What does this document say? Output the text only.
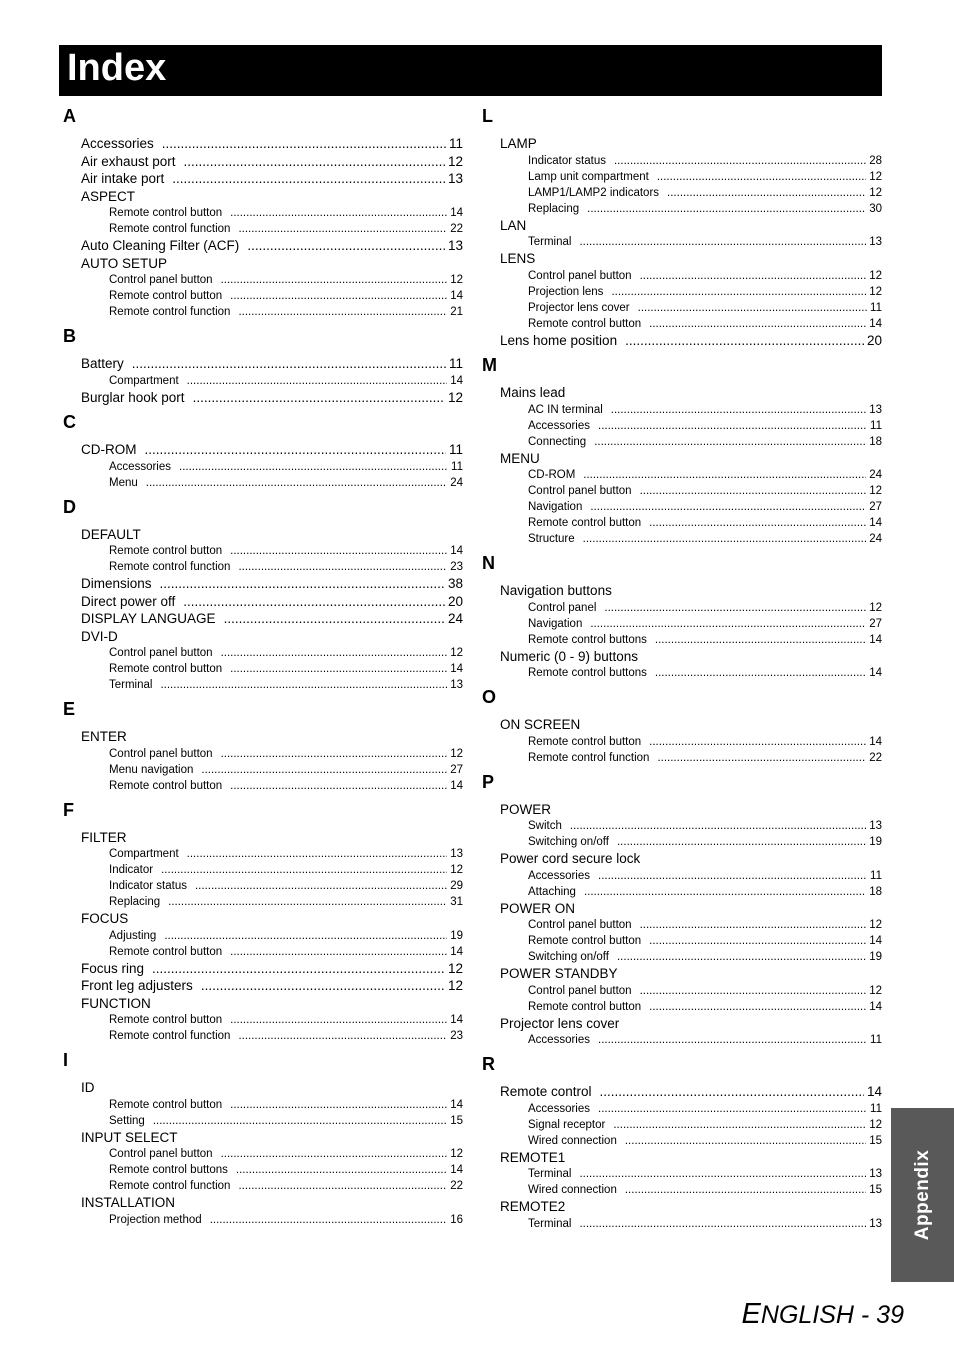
Index
A
Accessories .....	11
Air exhaust port .....	12
Air intake port .....	13
ASPECT
Remote control button .....	14
Remote control function .....	22
Auto Cleaning Filter (ACF) .....	13
AUTO SETUP
Control panel button .....	12
Remote control button .....	14
Remote control function .....	21
B
Battery .....	11
Compartment .....	14
Burglar hook port .....	12
C
CD-ROM .....	11
Accessories .....	11
Menu .....	24
D
DEFAULT
Remote control button .....	14
Remote control function .....	23
Dimensions .....	38
Direct power off .....	20
DISPLAY LANGUAGE .....	24
DVI-D
Control panel button .....	12
Remote control button .....	14
Terminal .....	13
E
ENTER
Control panel button .....	12
Menu navigation .....	27
Remote control button .....	14
F
FILTER
Compartment .....	13
Indicator .....	12
Indicator status .....	29
Replacing .....	31
FOCUS
Adjusting .....	19
Remote control button .....	14
Focus ring .....	12
Front leg adjusters .....	12
FUNCTION
Remote control button .....	14
Remote control function .....	23
I
ID
Remote control button .....	14
Setting .....	15
INPUT SELECT
Control panel button .....	12
Remote control buttons .....	14
Remote control function .....	22
INSTALLATION
Projection method .....	16
L
LAMP
Indicator status .....	28
Lamp unit compartment .....	12
LAMP1/LAMP2 indicators .....	12
Replacing .....	30
LAN
Terminal .....	13
LENS
Control panel button .....	12
Projection lens .....	12
Projector lens cover .....	11
Remote control button .....	14
Lens home position .....	20
M
Mains lead
AC IN terminal .....	13
Accessories .....	11
Connecting .....	18
MENU
CD-ROM .....	24
Control panel button .....	12
Navigation .....	27
Remote control button .....	14
Structure .....	24
N
Navigation buttons
Control panel .....	12
Navigation .....	27
Remote control buttons .....	14
Numeric (0 - 9) buttons
Remote control buttons .....	14
O
ON SCREEN
Remote control button .....	14
Remote control function .....	22
P
POWER
Switch .....	13
Switching on/off .....	19
Power cord secure lock
Accessories .....	11
Attaching .....	18
POWER ON
Control panel button .....	12
Remote control button .....	14
Switching on/off .....	19
POWER STANDBY
Control panel button .....	12
Remote control button .....	14
Projector lens cover
Accessories .....	11
R
Remote control .....	14
Accessories .....	11
Signal receptor .....	12
Wired connection .....	15
REMOTE1
Terminal .....	13
Wired connection .....	15
REMOTE2
Terminal .....	13 Appendix
ENGLISH - 39
